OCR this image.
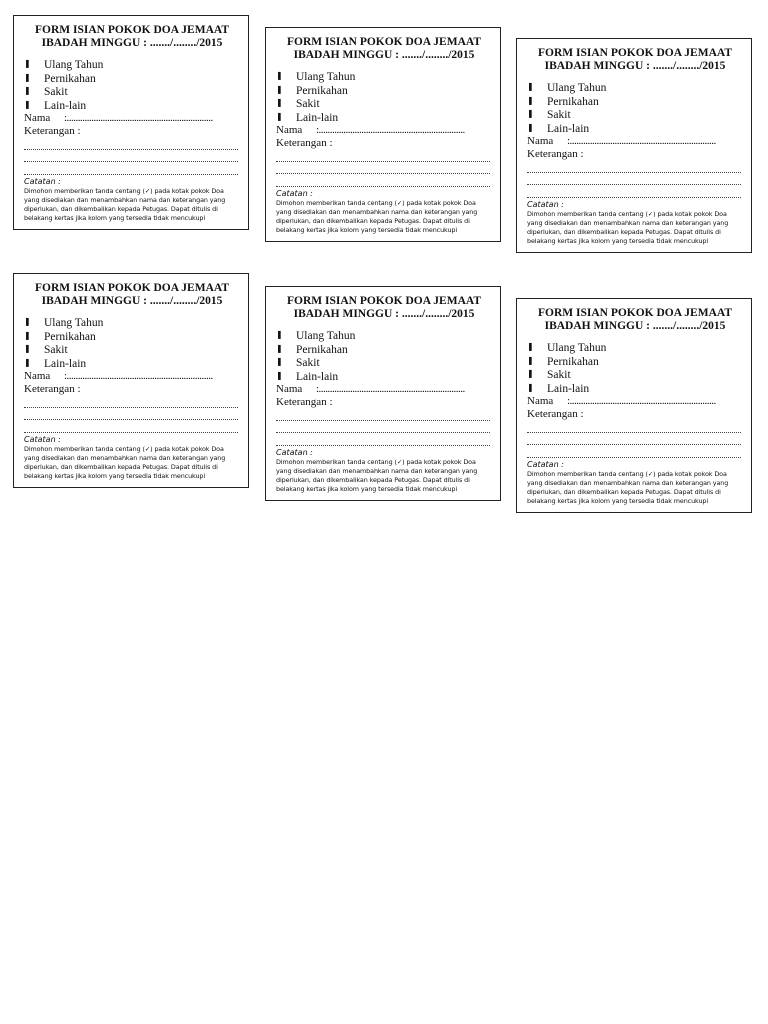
FORM ISIAN POKOK DOA JEMAAT
IBADAH MINGGU : ......./......../2015
❚ Ulang Tahun
❚ Pernikahan
❚ Sakit
❚ Lain-lain
Nama :.................................................................
Keterangan :
Catatan :
Dimohon memberikan tanda centang (✓) pada kotak pokok Doa yang disediakan dan menambahkan nama dan keterangan yang diperlukan, dan dikembalikan kepada Petugas. Dapat ditulis di belakang kertas jika kolom yang tersedia tidak mencukupi
FORM ISIAN POKOK DOA JEMAAT
IBADAH MINGGU : ......./......../2015
❚ Ulang Tahun
❚ Pernikahan
❚ Sakit
❚ Lain-lain
Nama :.................................................................
Keterangan :
Catatan :
Dimohon memberikan tanda centang (✓) pada kotak pokok Doa yang disediakan dan menambahkan nama dan keterangan yang diperlukan, dan dikembalikan kepada Petugas. Dapat ditulis di belakang kertas jika kolom yang tersedia tidak mencukupi
FORM ISIAN POKOK DOA JEMAAT
IBADAH MINGGU : ......./......../2015
❚ Ulang Tahun
❚ Pernikahan
❚ Sakit
❚ Lain-lain
Nama :.................................................................
Keterangan :
Catatan :
Dimohon memberikan tanda centang (✓) pada kotak pokok Doa yang disediakan dan menambahkan nama dan keterangan yang diperlukan, dan dikembalikan kepada Petugas. Dapat ditulis di belakang kertas jika kolom yang tersedia tidak mencukupi
FORM ISIAN POKOK DOA JEMAAT
IBADAH MINGGU : ......./......../2015
❚ Ulang Tahun
❚ Pernikahan
❚ Sakit
❚ Lain-lain
Nama :.................................................................
Keterangan :
Catatan :
Dimohon memberikan tanda centang (✓) pada kotak pokok Doa yang disediakan dan menambahkan nama dan keterangan yang diperlukan, dan dikembalikan kepada Petugas. Dapat ditulis di belakang kertas jika kolom yang tersedia tidak mencukupi
FORM ISIAN POKOK DOA JEMAAT
IBADAH MINGGU : ......./......../2015
❚ Ulang Tahun
❚ Pernikahan
❚ Sakit
❚ Lain-lain
Nama :.................................................................
Keterangan :
Catatan :
Dimohon memberikan tanda centang (✓) pada kotak pokok Doa yang disediakan dan menambahkan nama dan keterangan yang diperlukan, dan dikembalikan kepada Petugas. Dapat ditulis di belakang kertas jika kolom yang tersedia tidak mencukupi
FORM ISIAN POKOK DOA JEMAAT
IBADAH MINGGU : ......./......../2015
❚ Ulang Tahun
❚ Pernikahan
❚ Sakit
❚ Lain-lain
Nama :.................................................................
Keterangan :
Catatan :
Dimohon memberikan tanda centang (✓) pada kotak pokok Doa yang disediakan dan menambahkan nama dan keterangan yang diperlukan, dan dikembalikan kepada Petugas. Dapat ditulis di belakang kertas jika kolom yang tersedia tidak mencukupi
